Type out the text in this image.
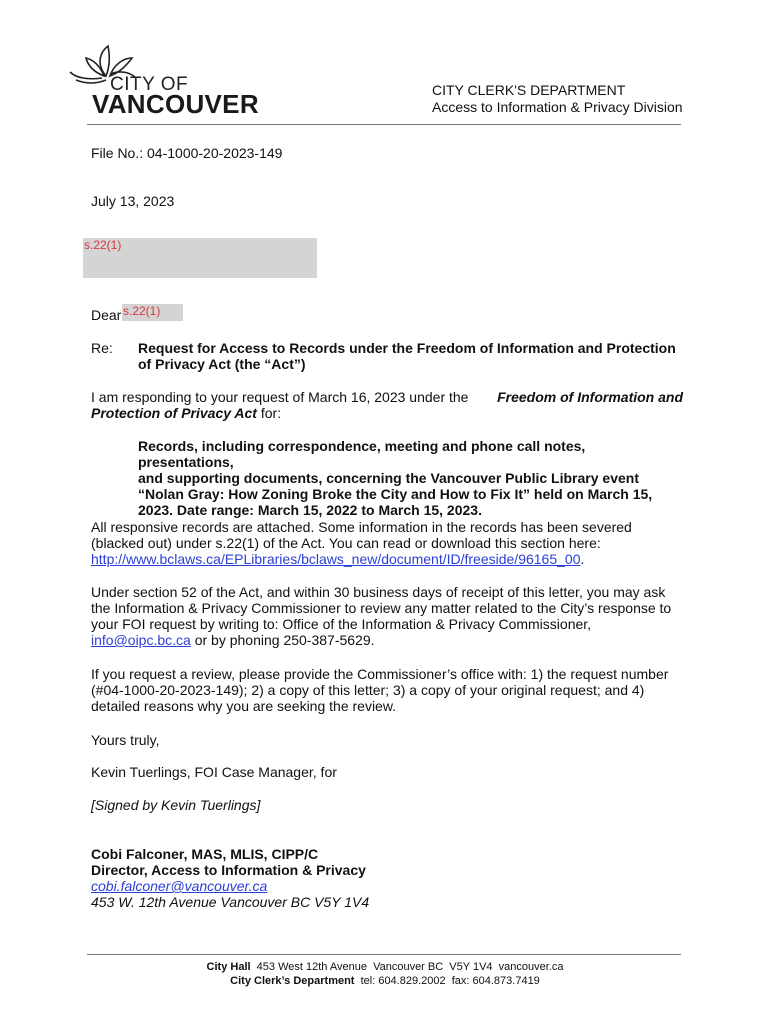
CITY OF
VANCOUVER	CITY CLERK'S DEPARTMENT
Access to Information & Privacy Division
File No.: 04-1000-20-2023-149
July 13, 2023
s.22(1)
Dear s.22(1)
Re: Request for Access to Records under the Freedom of Information and Protection
of Privacy Act (the “Act”)
I am responding to your request of March 16, 2023 under the Freedom of Information and
Protection of Privacy Act for:
Records, including correspondence, meeting and phone call notes, presentations,
and supporting documents, concerning the Vancouver Public Library event
“Nolan Gray: How Zoning Broke the City and How to Fix It” held on March 15,
2023. Date range: March 15, 2022 to March 15, 2023.
All responsive records are attached. Some information in the records has been severed
(blacked out) under s.22(1) of the Act. You can read or download this section here:
http://www.bclaws.ca/EPLibraries/bclaws_new/document/ID/freeside/96165_00.
Under section 52 of the Act, and within 30 business days of receipt of this letter, you may ask
the Information & Privacy Commissioner to review any matter related to the City’s response to
your FOI request by writing to: Office of the Information & Privacy Commissioner,
info@oipc.bc.ca or by phoning 250-387-5629.
If you request a review, please provide the Commissioner’s office with: 1) the request number
(#04-1000-20-2023-149); 2) a copy of this letter; 3) a copy of your original request; and 4)
detailed reasons why you are seeking the review.
Yours truly,
Kevin Tuerlings, FOI Case Manager, for
[Signed by Kevin Tuerlings]
Cobi Falconer, MAS, MLIS, CIPP/C
Director, Access to Information & Privacy
cobi.falconer@vancouver.ca
453 W. 12th Avenue Vancouver BC V5Y 1V4
City Hall  453 West 12th Avenue  Vancouver BC  V5Y 1V4  vancouver.ca
City Clerk’s Department  tel: 604.829.2002  fax: 604.873.7419
